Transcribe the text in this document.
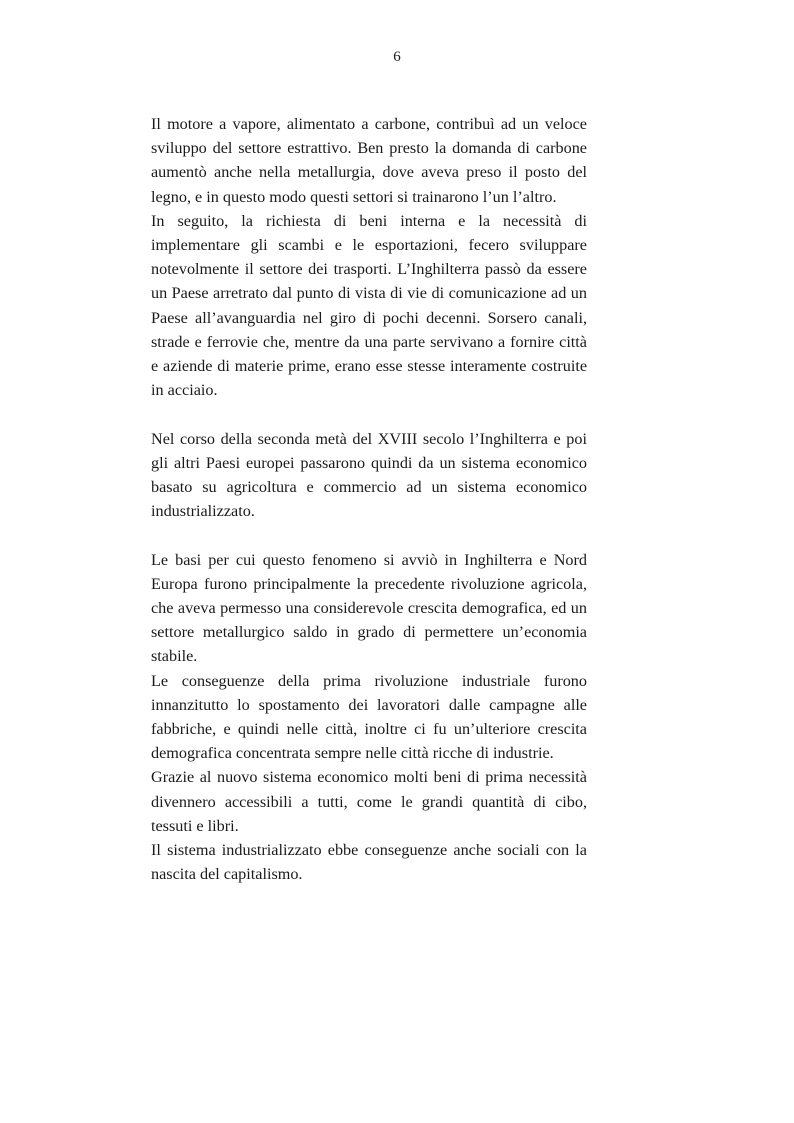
6

Il motore a vapore, alimentato a carbone, contribuì ad un veloce sviluppo del settore estrattivo. Ben presto la domanda di carbone aumentò anche nella metallurgia, dove aveva preso il posto del legno, e in questo modo questi settori si trainarono l’un l’altro.

In seguito, la richiesta di beni interna e la necessità di implementare gli scambi e le esportazioni, fecero sviluppare notevolmente il settore dei trasporti. L’Inghilterra passò da essere un Paese arretrato dal punto di vista di vie di comunicazione ad un Paese all’avanguardia nel giro di pochi decenni. Sorsero canali, strade e ferrovie che, mentre da una parte servivano a fornire città e aziende di materie prime, erano esse stesse interamente costruite in acciaio.

Nel corso della seconda metà del XVIII secolo l’Inghilterra e poi gli altri Paesi europei passarono quindi da un sistema economico basato su agricoltura e commercio ad un sistema economico industrializzato.

Le basi per cui questo fenomeno si avviò in Inghilterra e Nord Europa furono principalmente la precedente rivoluzione agricola, che aveva permesso una considerevole crescita demografica, ed un settore metallurgico saldo in grado di permettere un’economia stabile.

Le conseguenze della prima rivoluzione industriale furono innanzitutto lo spostamento dei lavoratori dalle campagne alle fabbriche, e quindi nelle città, inoltre ci fu un’ulteriore crescita demografica concentrata sempre nelle città ricche di industrie.

Grazie al nuovo sistema economico molti beni di prima necessità divennero accessibili a tutti, come le grandi quantità di cibo, tessuti e libri.

Il sistema industrializzato ebbe conseguenze anche sociali con la nascita del capitalismo.
